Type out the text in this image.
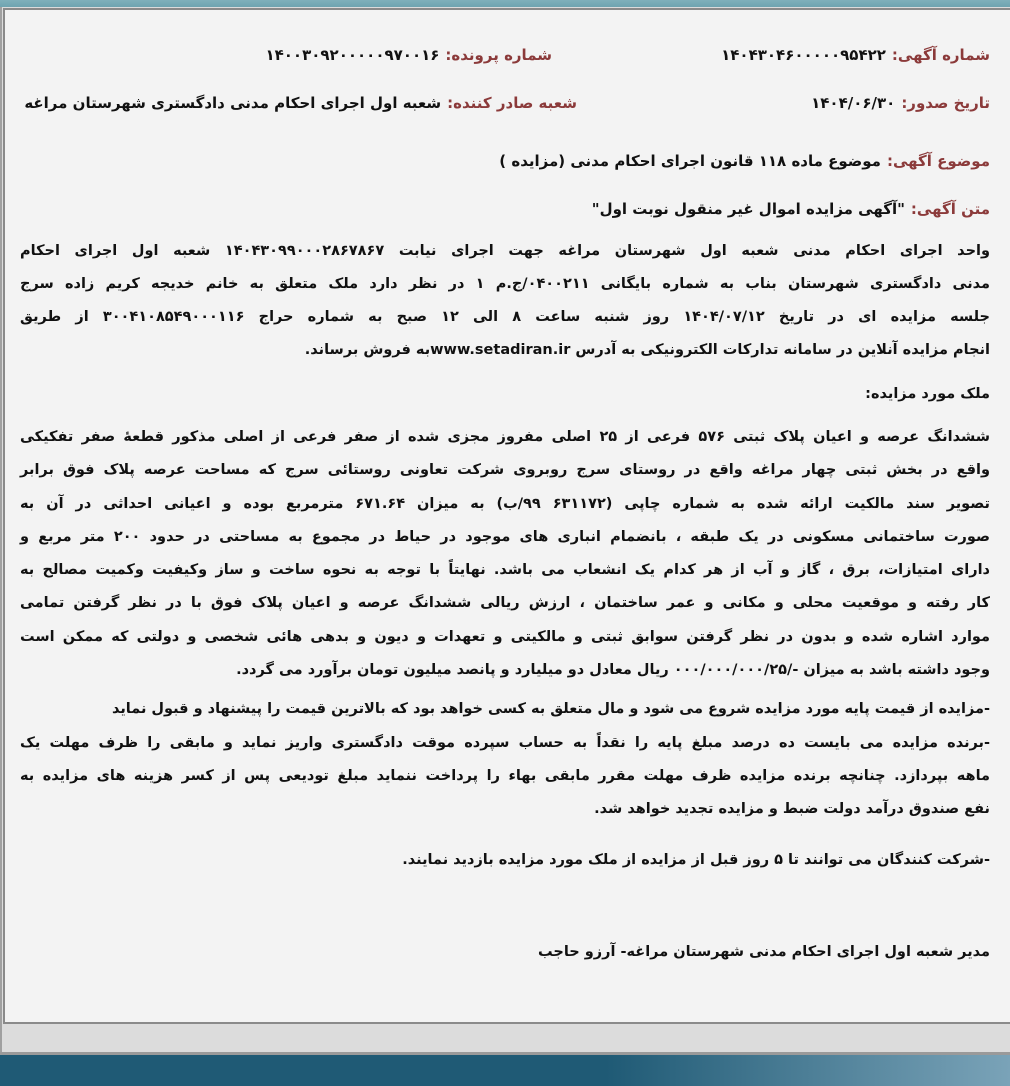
شماره آگهی:۱۴۰۴۳۰۴۶۰۰۰۰۰۹۵۴۲۲
شماره پرونده:۱۴۰۰۳۰۹۲۰۰۰۰۰۹۷۰۰۱۶
تاریخ صدور:۱۴۰۴/۰۶/۳۰
شعبه صادر کننده:شعبه اول اجرای احکام مدنی دادگستری شهرستان مراغه
موضوع آگهی:موضوع ماده ۱۱۸ قانون اجرای احکام مدنی (مزایده )
متن آگهی:"آگهی مزایده اموال غیر منقول نوبت اول"
واحد اجرای احکام مدنی شعبه اول شهرستان مراغه جهت اجرای نیابت ۱۴۰۴۳۰۹۹۰۰۰۲۸۶۷۸۶۷ شعبه اول اجرای احکام
مدنی دادگستری شهرستان بناب به شماره بایگانی ۰۴۰۰۲۱۱/ج.م ۱ در نظر دارد ملک متعلق به خانم خدیجه کریم زاده سرج
جلسه مزایده ای در تاریخ ۱۴۰۴/۰۷/۱۲ روز شنبه ساعت ۸ الی ۱۲ صبح به شماره حراج ۳۰۰۴۱۰۸۵۴۹۰۰۰۱۱۶ از طریق
انجام مزایده آنلاین در سامانه تدارکات الکترونیکی به آدرس www.setadiran.irبه فروش برساند.
ملک مورد مزایده:
ششدانگ عرصه و اعیان پلاک ثبتی ۵۷۶ فرعی از ۲۵ اصلی مفروز مجزی شده از صفر فرعی از اصلی مذکور قطعهٔ صفر تفکیکی
واقع در بخش ثبتی چهار مراغه واقع در روستای سرج روبروی شرکت تعاونی روستائی سرج که مساحت عرصه پلاک فوق برابر
تصویر سند مالکیت ارائه شده به شماره چاپی (۶۳۱۱۷۲ ۹۹/ب) به میزان ۶۷۱.۶۴ مترمربع بوده و اعیانی احداثی در آن به
صورت ساختمانی مسکونی در یک طبقه ، بانضمام انباری های موجود در حیاط در مجموع به مساحتی در حدود ۲۰۰ متر مربع و
دارای امتیازات، برق ، گاز و آب از هر کدام یک انشعاب می باشد. نهایتاً با توجه به نحوه ساخت و ساز وکیفیت وکمیت مصالح به
کار رفته و موقعیت محلی و مکانی و عمر ساختمان ، ارزش ریالی ششدانگ عرصه و اعیان پلاک فوق با در نظر گرفتن تمامی
موارد اشاره شده و بدون در نظر گرفتن سوابق ثبتی و مالکیتی و تعهدات و دیون و بدهی هائی شخصی و دولتی که ممکن است
وجود داشته باشد به میزان -/۰۰۰/۰۰۰/۰۰۰/۲۵ ریال معادل دو میلیارد و پانصد میلیون تومان برآورد می گردد.
-مزایده از قیمت پایه مورد مزایده شروع می شود و مال متعلق به کسی خواهد بود که بالاترین قیمت را پیشنهاد و قبول نماید
-برنده مزایده می بایست ده درصد مبلغ پایه را نقداً به حساب سپرده موقت دادگستری واریز نماید و مابقی را ظرف مهلت یک
ماهه بپردازد. چنانچه برنده مزایده ظرف مهلت مقرر مابقی بهاء را پرداخت ننماید مبلغ تودیعی پس از کسر هزینه های مزایده به
نفع صندوق درآمد دولت ضبط و مزایده تجدید خواهد شد.
-شرکت کنندگان می توانند تا ۵ روز قبل از مزایده از ملک مورد مزایده بازدید نمایند.
مدیر شعبه اول اجرای احکام مدنی شهرستان مراغه- آرزو حاجب
